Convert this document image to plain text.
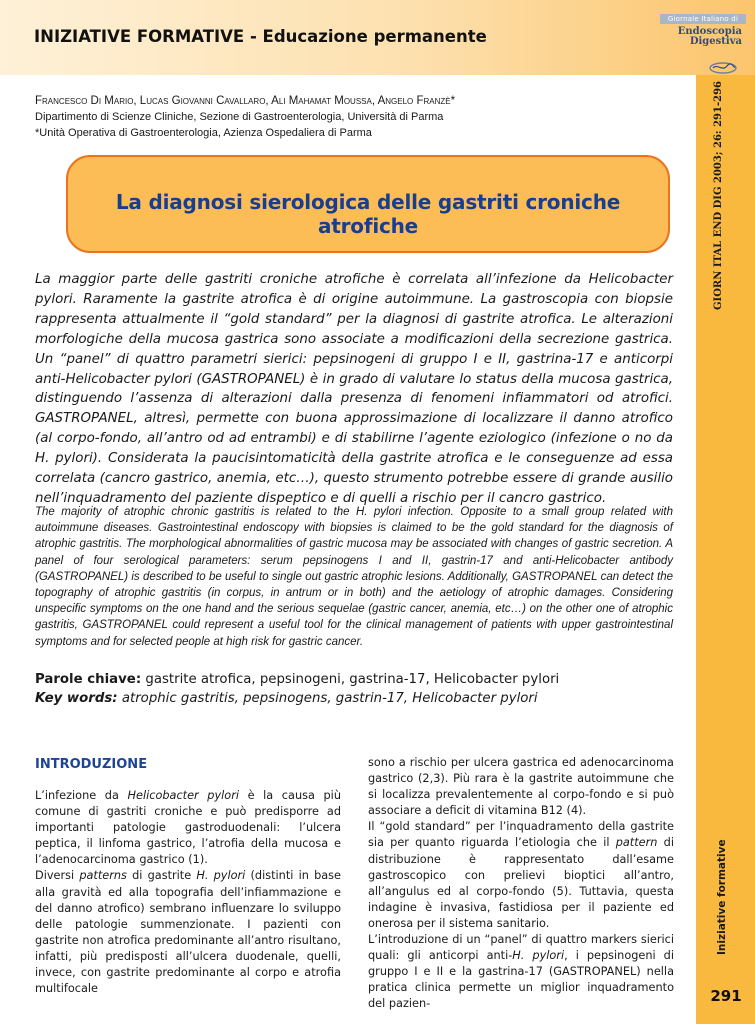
INIZIATIVE FORMATIVE - Educazione permanente
Giornale Italiano di
Endoscopia
Digestiva
GIORN ITAL END DIG 2003; 26: 291-296
Iniziative formative
291
Francesco Di Mario, Lucas Giovanni Cavallaro, Ali Mahamat Moussa, Angelo Franzè*
Dipartimento di Scienze Cliniche, Sezione di Gastroenterologia, Università di Parma
*Unità Operativa di Gastroenterologia, Azienza Ospedaliera di Parma
La diagnosi sierologica delle gastriti croniche atrofiche
La maggior parte delle gastriti croniche atrofiche è correlata all’infezione da Helicobacter pylori. Raramente la gastrite atrofica è di origine autoimmune. La gastroscopia con biopsie rappresenta attualmente il “gold standard” per la diagnosi di gastrite atrofica. Le alterazioni morfologiche della mucosa gastrica sono associate a modificazioni della secrezione gastrica. Un “panel” di quattro parametri sierici: pepsinogeni di gruppo I e II, gastrina-17 e anticorpi anti-Helicobacter pylori (GASTROPANEL) è in grado di valutare lo status della mucosa gastrica, distinguendo l’assenza di alterazioni dalla presenza di fenomeni infiammatori od atrofici. GASTROPANEL, altresì, permette con buona approssimazione di localizzare il danno atrofico (al corpo-fondo, all’antro od ad entrambi) e di stabilirne l’agente eziologico (infezione o no da H. pylori). Considerata la paucisintomaticità della gastrite atrofica e le conseguenze ad essa correlata (cancro gastrico, anemia, etc…), questo strumento potrebbe essere di grande ausilio nell’inquadramento del paziente dispeptico e di quelli a rischio per il cancro gastrico.
The majority of atrophic chronic gastritis is related to the H. pylori infection. Opposite to a small group related with autoimmune diseases. Gastrointestinal endoscopy with biopsies is claimed to be the gold standard for the diagnosis of atrophic gastritis. The morphological abnormalities of gastric mucosa may be associated with changes of gastric secretion. A panel of four serological parameters: serum pepsinogens I and II, gastrin-17 and anti-Helicobacter antibody (GASTROPANEL) is described to be useful to single out gastric atrophic lesions. Additionally, GASTROPANEL can detect the topography of atrophic gastritis (in corpus, in antrum or in both) and the aetiology of atrophic damages. Considering unspecific symptoms on the one hand and the serious sequelae (gastric cancer, anemia, etc…) on the other one of atrophic gastritis, GASTROPANEL could represent a useful tool for the clinical management of patients with upper gastrointestinal symptoms and for selected people at high risk for gastric cancer.
Parole chiave: gastrite atrofica, pepsinogeni, gastrina-17, Helicobacter pylori
Key words: atrophic gastritis, pepsinogens, gastrin-17, Helicobacter pylori
INTRODUZIONE

L’infezione da Helicobacter pylori è la causa più comune di gastriti croniche e può predisporre ad importanti patologie gastroduodenali: l’ulcera peptica, il linfoma gastrico, l’atrofia della mucosa e l’adenocarcinoma gastrico (1).

Diversi patterns di gastrite H. pylori (distinti in base alla gravità ed alla topografia dell’infiammazione e del danno atrofico) sembrano influenzare lo sviluppo delle patologie summenzionate. I pazienti con gastrite non atrofica predominante all’antro risultano, infatti, più predisposti all’ulcera duodenale, quelli, invece, con gastrite predominante al corpo e atrofia multifocale

sono a rischio per ulcera gastrica ed adenocarcinoma gastrico (2,3). Più rara è la gastrite autoimmune che si localizza prevalentemente al corpo-fondo e si può associare a deficit di vitamina B12 (4).

Il “gold standard” per l’inquadramento della gastrite sia per quanto riguarda l’etiologia che il pattern di distribuzione è rappresentato dall’esame gastroscopico con prelievi bioptici all’antro, all’angulus ed al corpo-fondo (5). Tuttavia, questa indagine è invasiva, fastidiosa per il paziente ed onerosa per il sistema sanitario.

L’introduzione di un “panel” di quattro markers sierici quali: gli anticorpi anti-H. pylori, i pepsinogeni di gruppo I e II e la gastrina-17 (GASTROPANEL) nella pratica clinica permette un miglior inquadramento del pazien-
